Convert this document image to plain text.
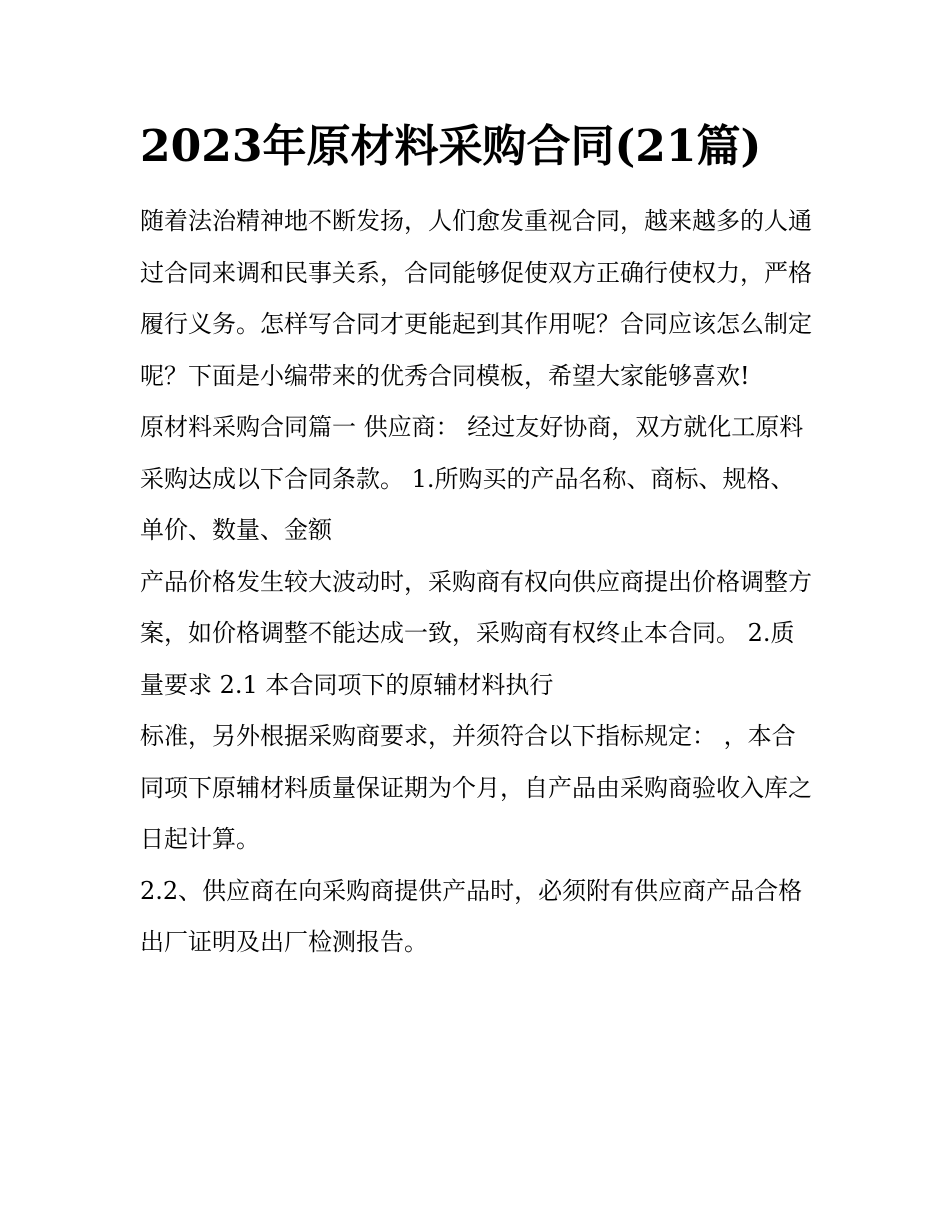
2023年原材料采购合同(21篇)

随着法治精神地不断发扬，人们愈发重视合同，越来越多的人通过合同来调和民事关系，合同能够促使双方正确行使权力，严格履行义务。怎样写合同才更能起到其作用呢？合同应该怎么制定呢？下面是小编带来的优秀合同模板，希望大家能够喜欢!

原材料采购合同篇一 供应商： 经过友好协商，双方就化工原料采购达成以下合同条款。 1.所购买的产品名称、商标、规格、单价、数量、金额

产品价格发生较大波动时，采购商有权向供应商提出价格调整方案，如价格调整不能达成一致，采购商有权终止本合同。 2.质量要求 2.1 本合同项下的原辅材料执行

标准，另外根据采购商要求，并须符合以下指标规定： ，本合同项下原辅材料质量保证期为个月，自产品由采购商验收入库之日起计算。

2.2、供应商在向采购商提供产品时，必须附有供应商产品合格出厂证明及出厂检测报告。
